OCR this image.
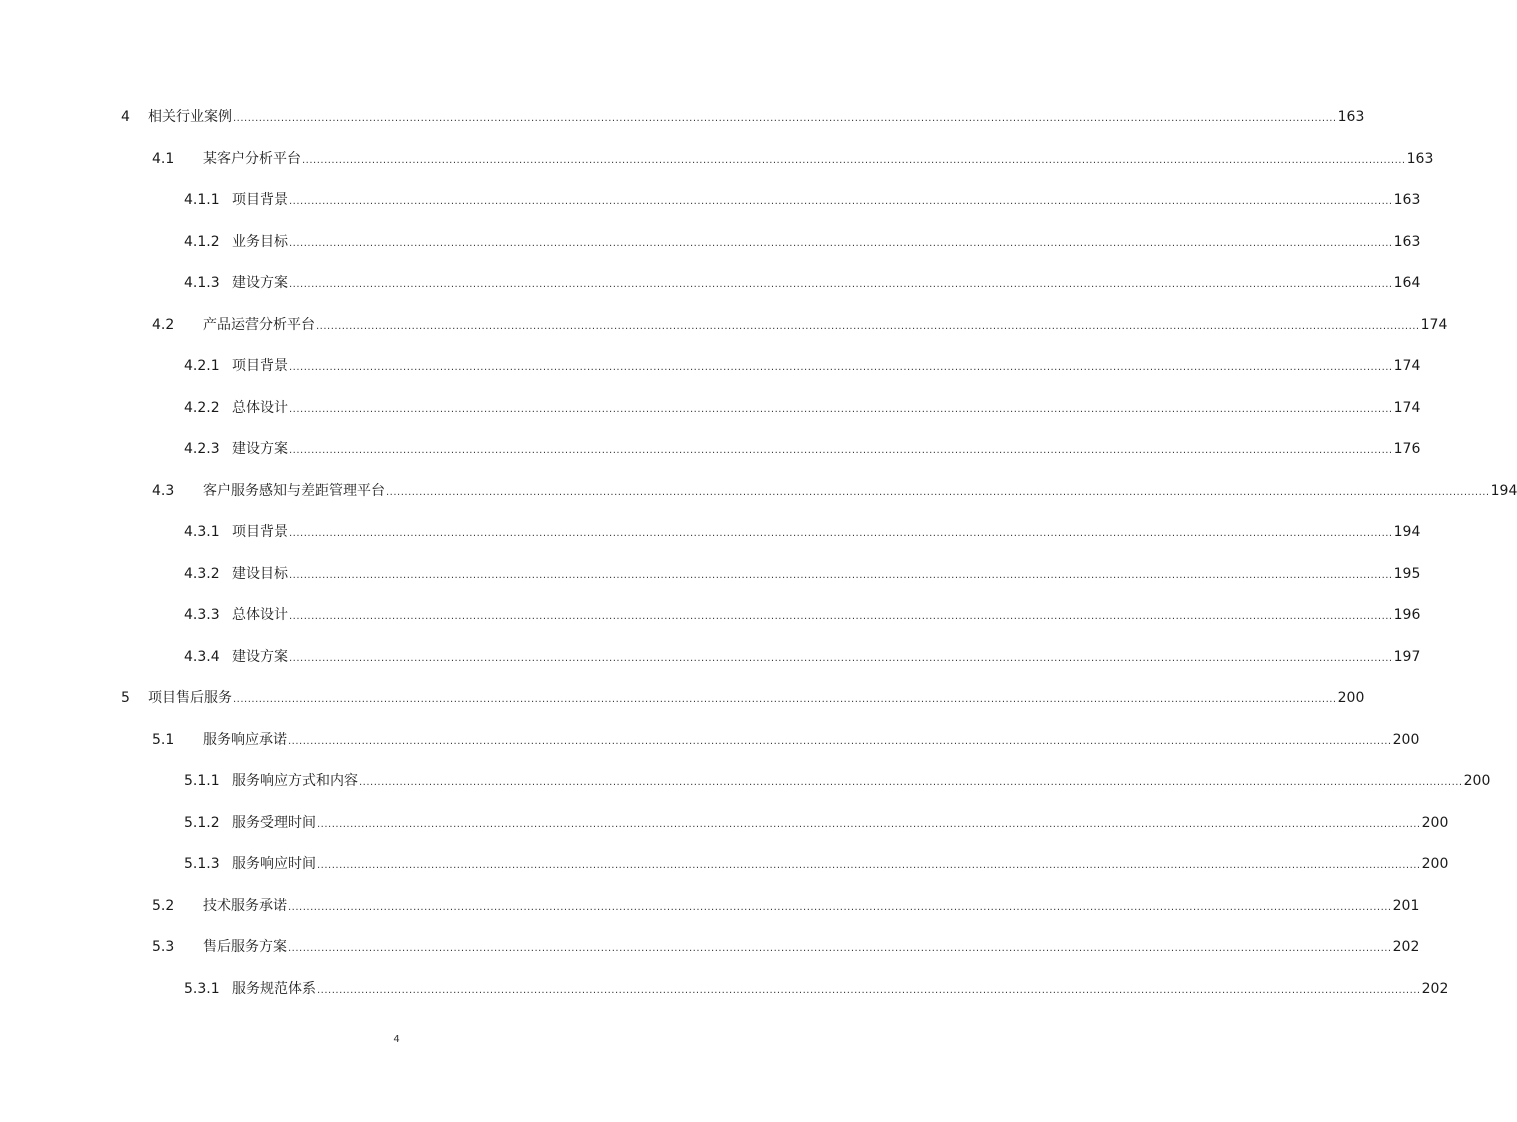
4 相关行业案例 ............................................................................................................................................................................................................................................................................................................ 163
4.1 某客户分析平台 ............................................................................................................................................................................................................................................................................................................ 163
4.1.1 项目背景 ............................................................................................................................................................................................................................................................................................................ 163
4.1.2 业务目标 ............................................................................................................................................................................................................................................................................................................ 163
4.1.3 建设方案 ............................................................................................................................................................................................................................................................................................................ 164
4.2 产品运营分析平台 ............................................................................................................................................................................................................................................................................................................ 174
4.2.1 项目背景 ............................................................................................................................................................................................................................................................................................................ 174
4.2.2 总体设计 ............................................................................................................................................................................................................................................................................................................ 174
4.2.3 建设方案 ............................................................................................................................................................................................................................................................................................................ 176
4.3 客户服务感知与差距管理平台 ............................................................................................................................................................................................................................................................................................................ 194
4.3.1 项目背景 ............................................................................................................................................................................................................................................................................................................ 194
4.3.2 建设目标 ............................................................................................................................................................................................................................................................................................................ 195
4.3.3 总体设计 ............................................................................................................................................................................................................................................................................................................ 196
4.3.4 建设方案 ............................................................................................................................................................................................................................................................................................................ 197
5 项目售后服务 ............................................................................................................................................................................................................................................................................................................ 200
5.1 服务响应承诺 ............................................................................................................................................................................................................................................................................................................ 200
5.1.1 服务响应方式和内容 ............................................................................................................................................................................................................................................................................................................ 200
5.1.2 服务受理时间 ............................................................................................................................................................................................................................................................................................................ 200
5.1.3 服务响应时间 ............................................................................................................................................................................................................................................................................................................ 200
5.2 技术服务承诺 ............................................................................................................................................................................................................................................................................................................ 201
5.3 售后服务方案 ............................................................................................................................................................................................................................................................................................................ 202
5.3.1 服务规范体系 ............................................................................................................................................................................................................................................................................................................ 202
4
